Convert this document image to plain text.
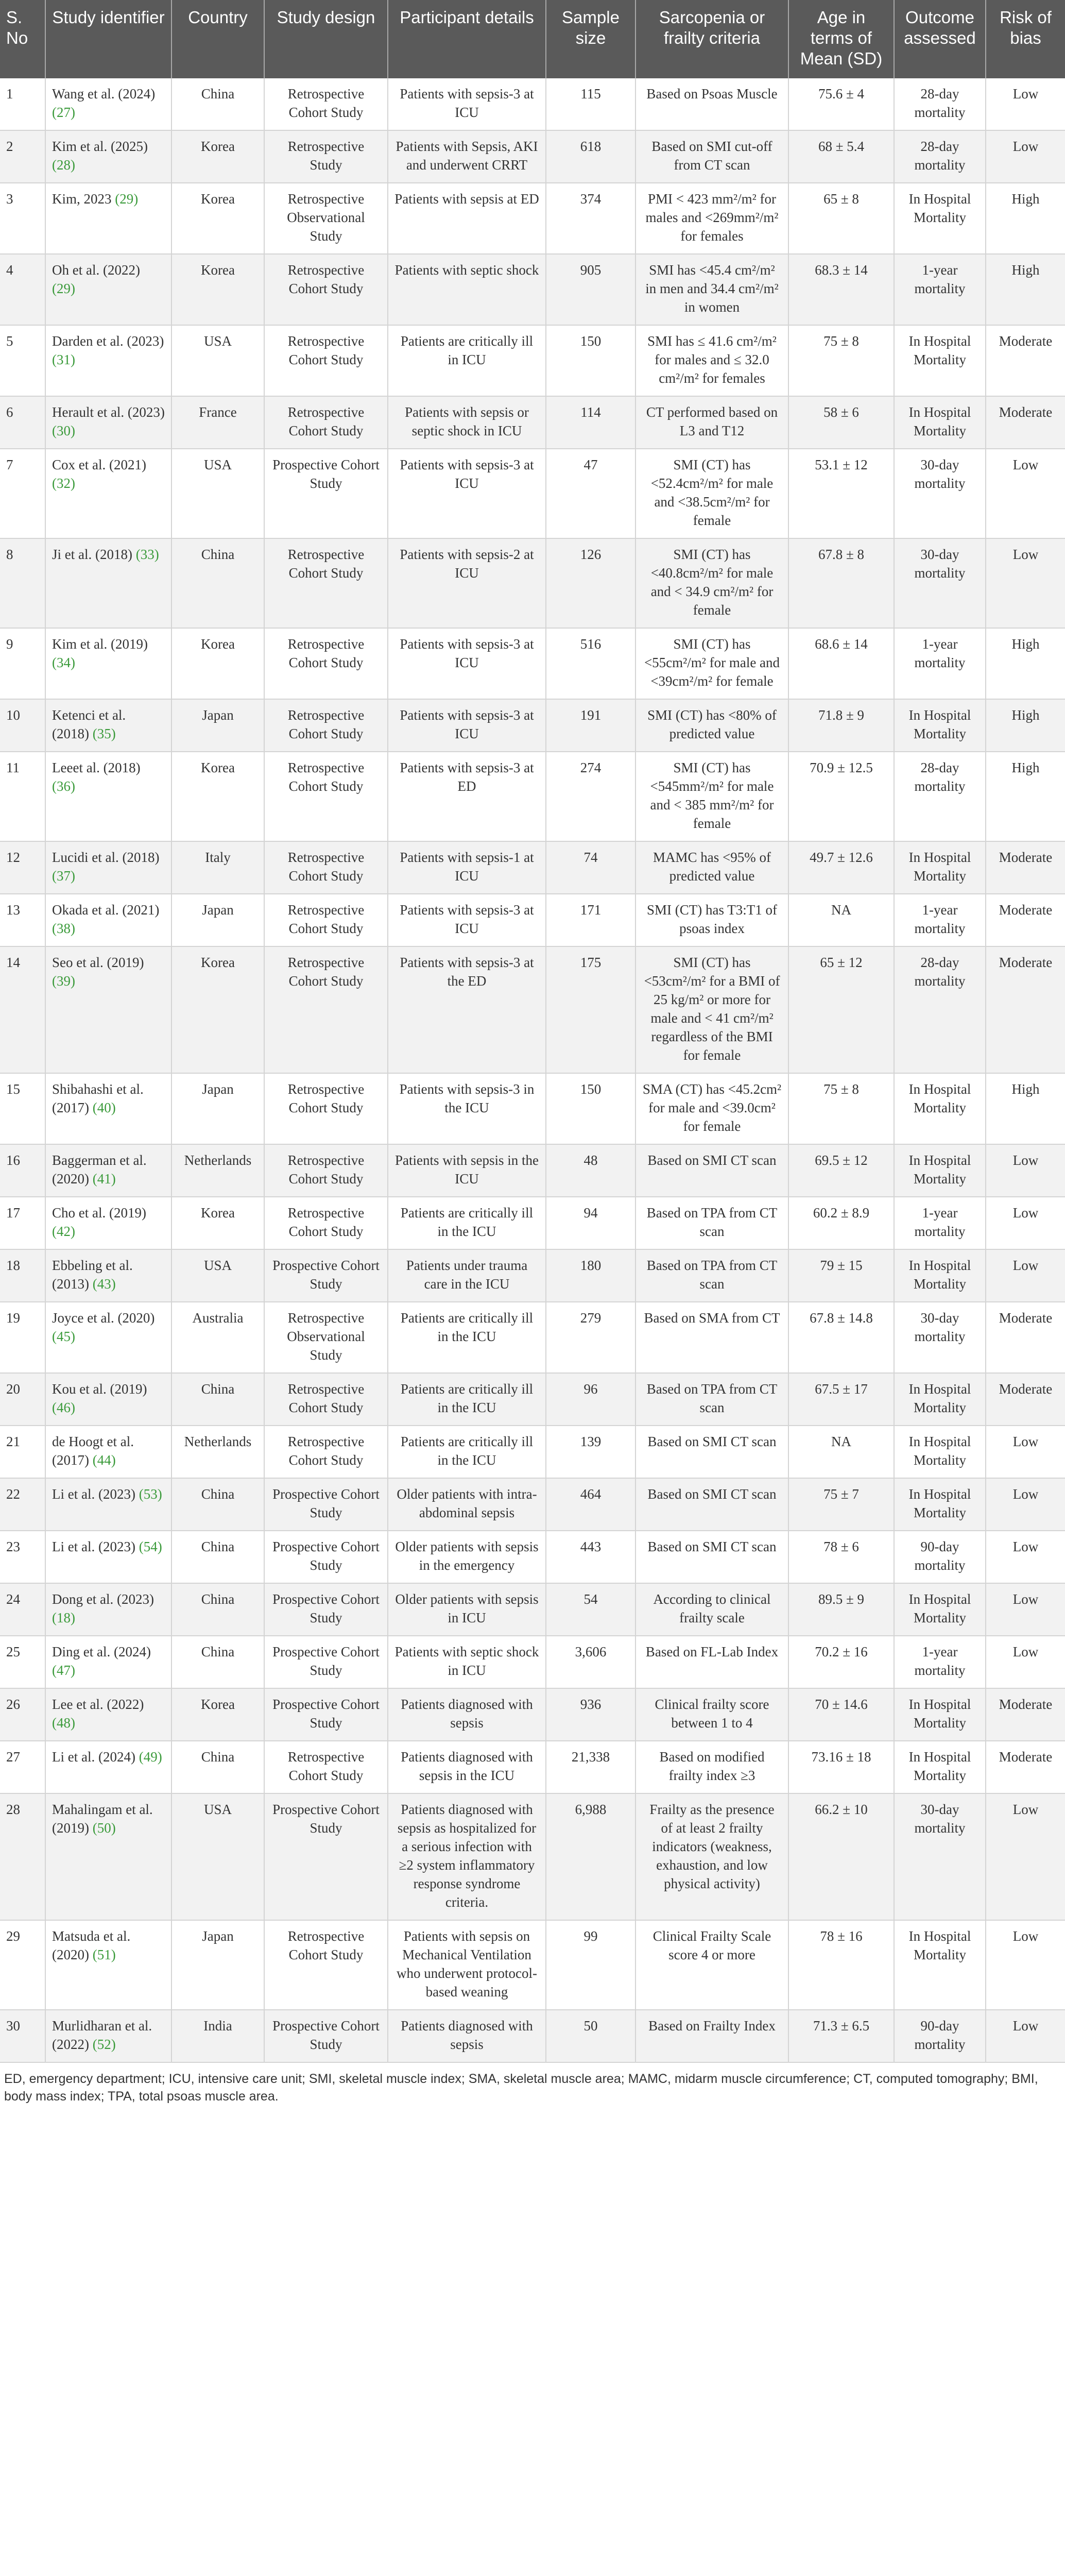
S. No	Study identifier	Country	Study design	Participant details	Sample size	Sarcopenia or frailty criteria	Age in terms of Mean (SD)	Outcome assessed	Risk of bias
1	Wang et al. (2024) (27)	China	Retrospective Cohort Study	Patients with sepsis-3 at ICU	115	Based on Psoas Muscle	75.6 ± 4	28-day mortality	Low
2	Kim et al. (2025) (28)	Korea	Retrospective Study	Patients with Sepsis, AKI and underwent CRRT	618	Based on SMI cut-off from CT scan	68 ± 5.4	28-day mortality	Low
3	Kim, 2023 (29)	Korea	Retrospective Observational Study	Patients with sepsis at ED	374	PMI < 423 mm²/m² for males and <269mm²/m² for females	65 ± 8	In Hospital Mortality	High
4	Oh et al. (2022) (29)	Korea	Retrospective Cohort Study	Patients with septic shock	905	SMI has <45.4 cm²/m² in men and 34.4 cm²/m² in women	68.3 ± 14	1-year mortality	High
5	Darden et al. (2023) (31)	USA	Retrospective Cohort Study	Patients are critically ill in ICU	150	SMI has ≤ 41.6 cm²/m² for males and ≤ 32.0 cm²/m² for females	75 ± 8	In Hospital Mortality	Moderate
6	Herault et al. (2023) (30)	France	Retrospective Cohort Study	Patients with sepsis or septic shock in ICU	114	CT performed based on L3 and T12	58 ± 6	In Hospital Mortality	Moderate
7	Cox et al. (2021) (32)	USA	Prospective Cohort Study	Patients with sepsis-3 at ICU	47	SMI (CT) has <52.4cm²/m² for male and <38.5cm²/m² for female	53.1 ± 12	30-day mortality	Low
8	Ji et al. (2018) (33)	China	Retrospective Cohort Study	Patients with sepsis-2 at ICU	126	SMI (CT) has <40.8cm²/m² for male and < 34.9 cm²/m² for female	67.8 ± 8	30-day mortality	Low
9	Kim et al. (2019) (34)	Korea	Retrospective Cohort Study	Patients with sepsis-3 at ICU	516	SMI (CT) has <55cm²/m² for male and <39cm²/m² for female	68.6 ± 14	1-year mortality	High
10	Ketenci et al. (2018) (35)	Japan	Retrospective Cohort Study	Patients with sepsis-3 at ICU	191	SMI (CT) has <80% of predicted value	71.8 ± 9	In Hospital Mortality	High
11	Leeet al. (2018) (36)	Korea	Retrospective Cohort Study	Patients with sepsis-3 at ED	274	SMI (CT) has <545mm²/m² for male and < 385 mm²/m² for female	70.9 ± 12.5	28-day mortality	High
12	Lucidi et al. (2018) (37)	Italy	Retrospective Cohort Study	Patients with sepsis-1 at ICU	74	MAMC has <95% of predicted value	49.7 ± 12.6	In Hospital Mortality	Moderate
13	Okada et al. (2021) (38)	Japan	Retrospective Cohort Study	Patients with sepsis-3 at ICU	171	SMI (CT) has T3:T1 of psoas index	NA	1-year mortality	Moderate
14	Seo et al. (2019) (39)	Korea	Retrospective Cohort Study	Patients with sepsis-3 at the ED	175	SMI (CT) has <53cm²/m² for a BMI of 25 kg/m² or more for male and < 41 cm²/m² regardless of the BMI for female	65 ± 12	28-day mortality	Moderate
15	Shibahashi et al. (2017) (40)	Japan	Retrospective Cohort Study	Patients with sepsis-3 in the ICU	150	SMA (CT) has <45.2cm² for male and <39.0cm² for female	75 ± 8	In Hospital Mortality	High
16	Baggerman et al. (2020) (41)	Netherlands	Retrospective Cohort Study	Patients with sepsis in the ICU	48	Based on SMI CT scan	69.5 ± 12	In Hospital Mortality	Low
17	Cho et al. (2019) (42)	Korea	Retrospective Cohort Study	Patients are critically ill in the ICU	94	Based on TPA from CT scan	60.2 ± 8.9	1-year mortality	Low
18	Ebbeling et al. (2013) (43)	USA	Prospective Cohort Study	Patients under trauma care in the ICU	180	Based on TPA from CT scan	79 ± 15	In Hospital Mortality	Low
19	Joyce et al. (2020) (45)	Australia	Retrospective Observational Study	Patients are critically ill in the ICU	279	Based on SMA from CT	67.8 ± 14.8	30-day mortality	Moderate
20	Kou et al. (2019) (46)	China	Retrospective Cohort Study	Patients are critically ill in the ICU	96	Based on TPA from CT scan	67.5 ± 17	In Hospital Mortality	Moderate
21	de Hoogt et al. (2017) (44)	Netherlands	Retrospective Cohort Study	Patients are critically ill in the ICU	139	Based on SMI CT scan	NA	In Hospital Mortality	Low
22	Li et al. (2023) (53)	China	Prospective Cohort Study	Older patients with intra-abdominal sepsis	464	Based on SMI CT scan	75 ± 7	In Hospital Mortality	Low
23	Li et al. (2023) (54)	China	Prospective Cohort Study	Older patients with sepsis in the emergency	443	Based on SMI CT scan	78 ± 6	90-day mortality	Low
24	Dong et al. (2023) (18)	China	Prospective Cohort Study	Older patients with sepsis in ICU	54	According to clinical frailty scale	89.5 ± 9	In Hospital Mortality	Low
25	Ding et al. (2024) (47)	China	Prospective Cohort Study	Patients with septic shock in ICU	3,606	Based on FL-Lab Index	70.2 ± 16	1-year mortality	Low
26	Lee et al. (2022) (48)	Korea	Prospective Cohort Study	Patients diagnosed with sepsis	936	Clinical frailty score between 1 to 4	70 ± 14.6	In Hospital Mortality	Moderate
27	Li et al. (2024) (49)	China	Retrospective Cohort Study	Patients diagnosed with sepsis in the ICU	21,338	Based on modified frailty index ≥3	73.16 ± 18	In Hospital Mortality	Moderate
28	Mahalingam et al. (2019) (50)	USA	Prospective Cohort Study	Patients diagnosed with sepsis as hospitalized for a serious infection with ≥2 system inflammatory response syndrome criteria.	6,988	Frailty as the presence of at least 2 frailty indicators (weakness, exhaustion, and low physical activity)	66.2 ± 10	30-day mortality	Low
29	Matsuda et al. (2020) (51)	Japan	Retrospective Cohort Study	Patients with sepsis on Mechanical Ventilation who underwent protocol-based weaning	99	Clinical Frailty Scale score 4 or more	78 ± 16	In Hospital Mortality	Low
30	Murlidharan et al. (2022) (52)	India	Prospective Cohort Study	Patients diagnosed with sepsis	50	Based on Frailty Index	71.3 ± 6.5	90-day mortality	Low
ED, emergency department; ICU, intensive care unit; SMI, skeletal muscle index; SMA, skeletal muscle area; MAMC, midarm muscle circumference; CT, computed tomography; BMI, body mass index; TPA, total psoas muscle area.
